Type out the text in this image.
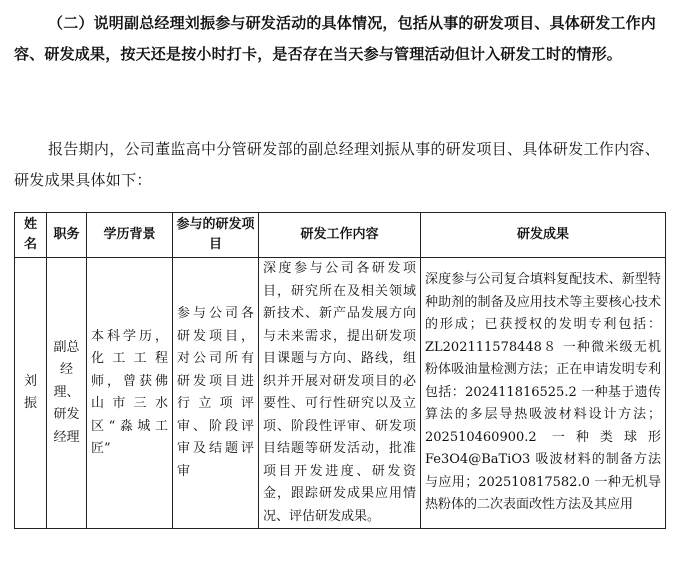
（二）说明副总经理刘振参与研发活动的具体情况，包括从事的研发项目、具体研发工作内容、研发成果，按天还是按小时打卡，是否存在当天参与管理活动但计入研发工时的情形。
报告期内，公司董监高中分管研发部的副总经理刘振从事的研发项目、具体研发工作内容、研发成果具体如下：
姓名	职务	学历背景	参与的研发项目	研发工作内容	研发成果
刘振	副总经理、研发经理	本科学历，化工工程师，曾获佛山市三水区“淼城工匠”	参与公司各研发项目，对公司所有研发项目进行立项评审、阶段评审及结题评审	深度参与公司各研发项目，研究所在及相关领域新技术、新产品发展方向与未来需求，提出研发项目课题与方向、路线，组织并开展对研发项目的必要性、可行性研究以及立项、阶段性评审、研发项目结题等研发活动，批准项目开发进度、研发资金，跟踪研发成果应用情况、评估研发成果。	深度参与公司复合填料复配技术、新型特种助剂的制备及应用技术等主要核心技术的形成；已获授权的发明专利包括：ZL202111578448８ 一种微米级无机粉体吸油量检测方法；正在申请发明专利包括：202411816525.2 一种基于遗传算法的多层导热吸波材料设计方法；202510460900.2 一种类球形Fe3O4@BaTiO3 吸波材料的制备方法与应用；202510817582.0 一种无机导热粉体的二次表面改性方法及其应用
